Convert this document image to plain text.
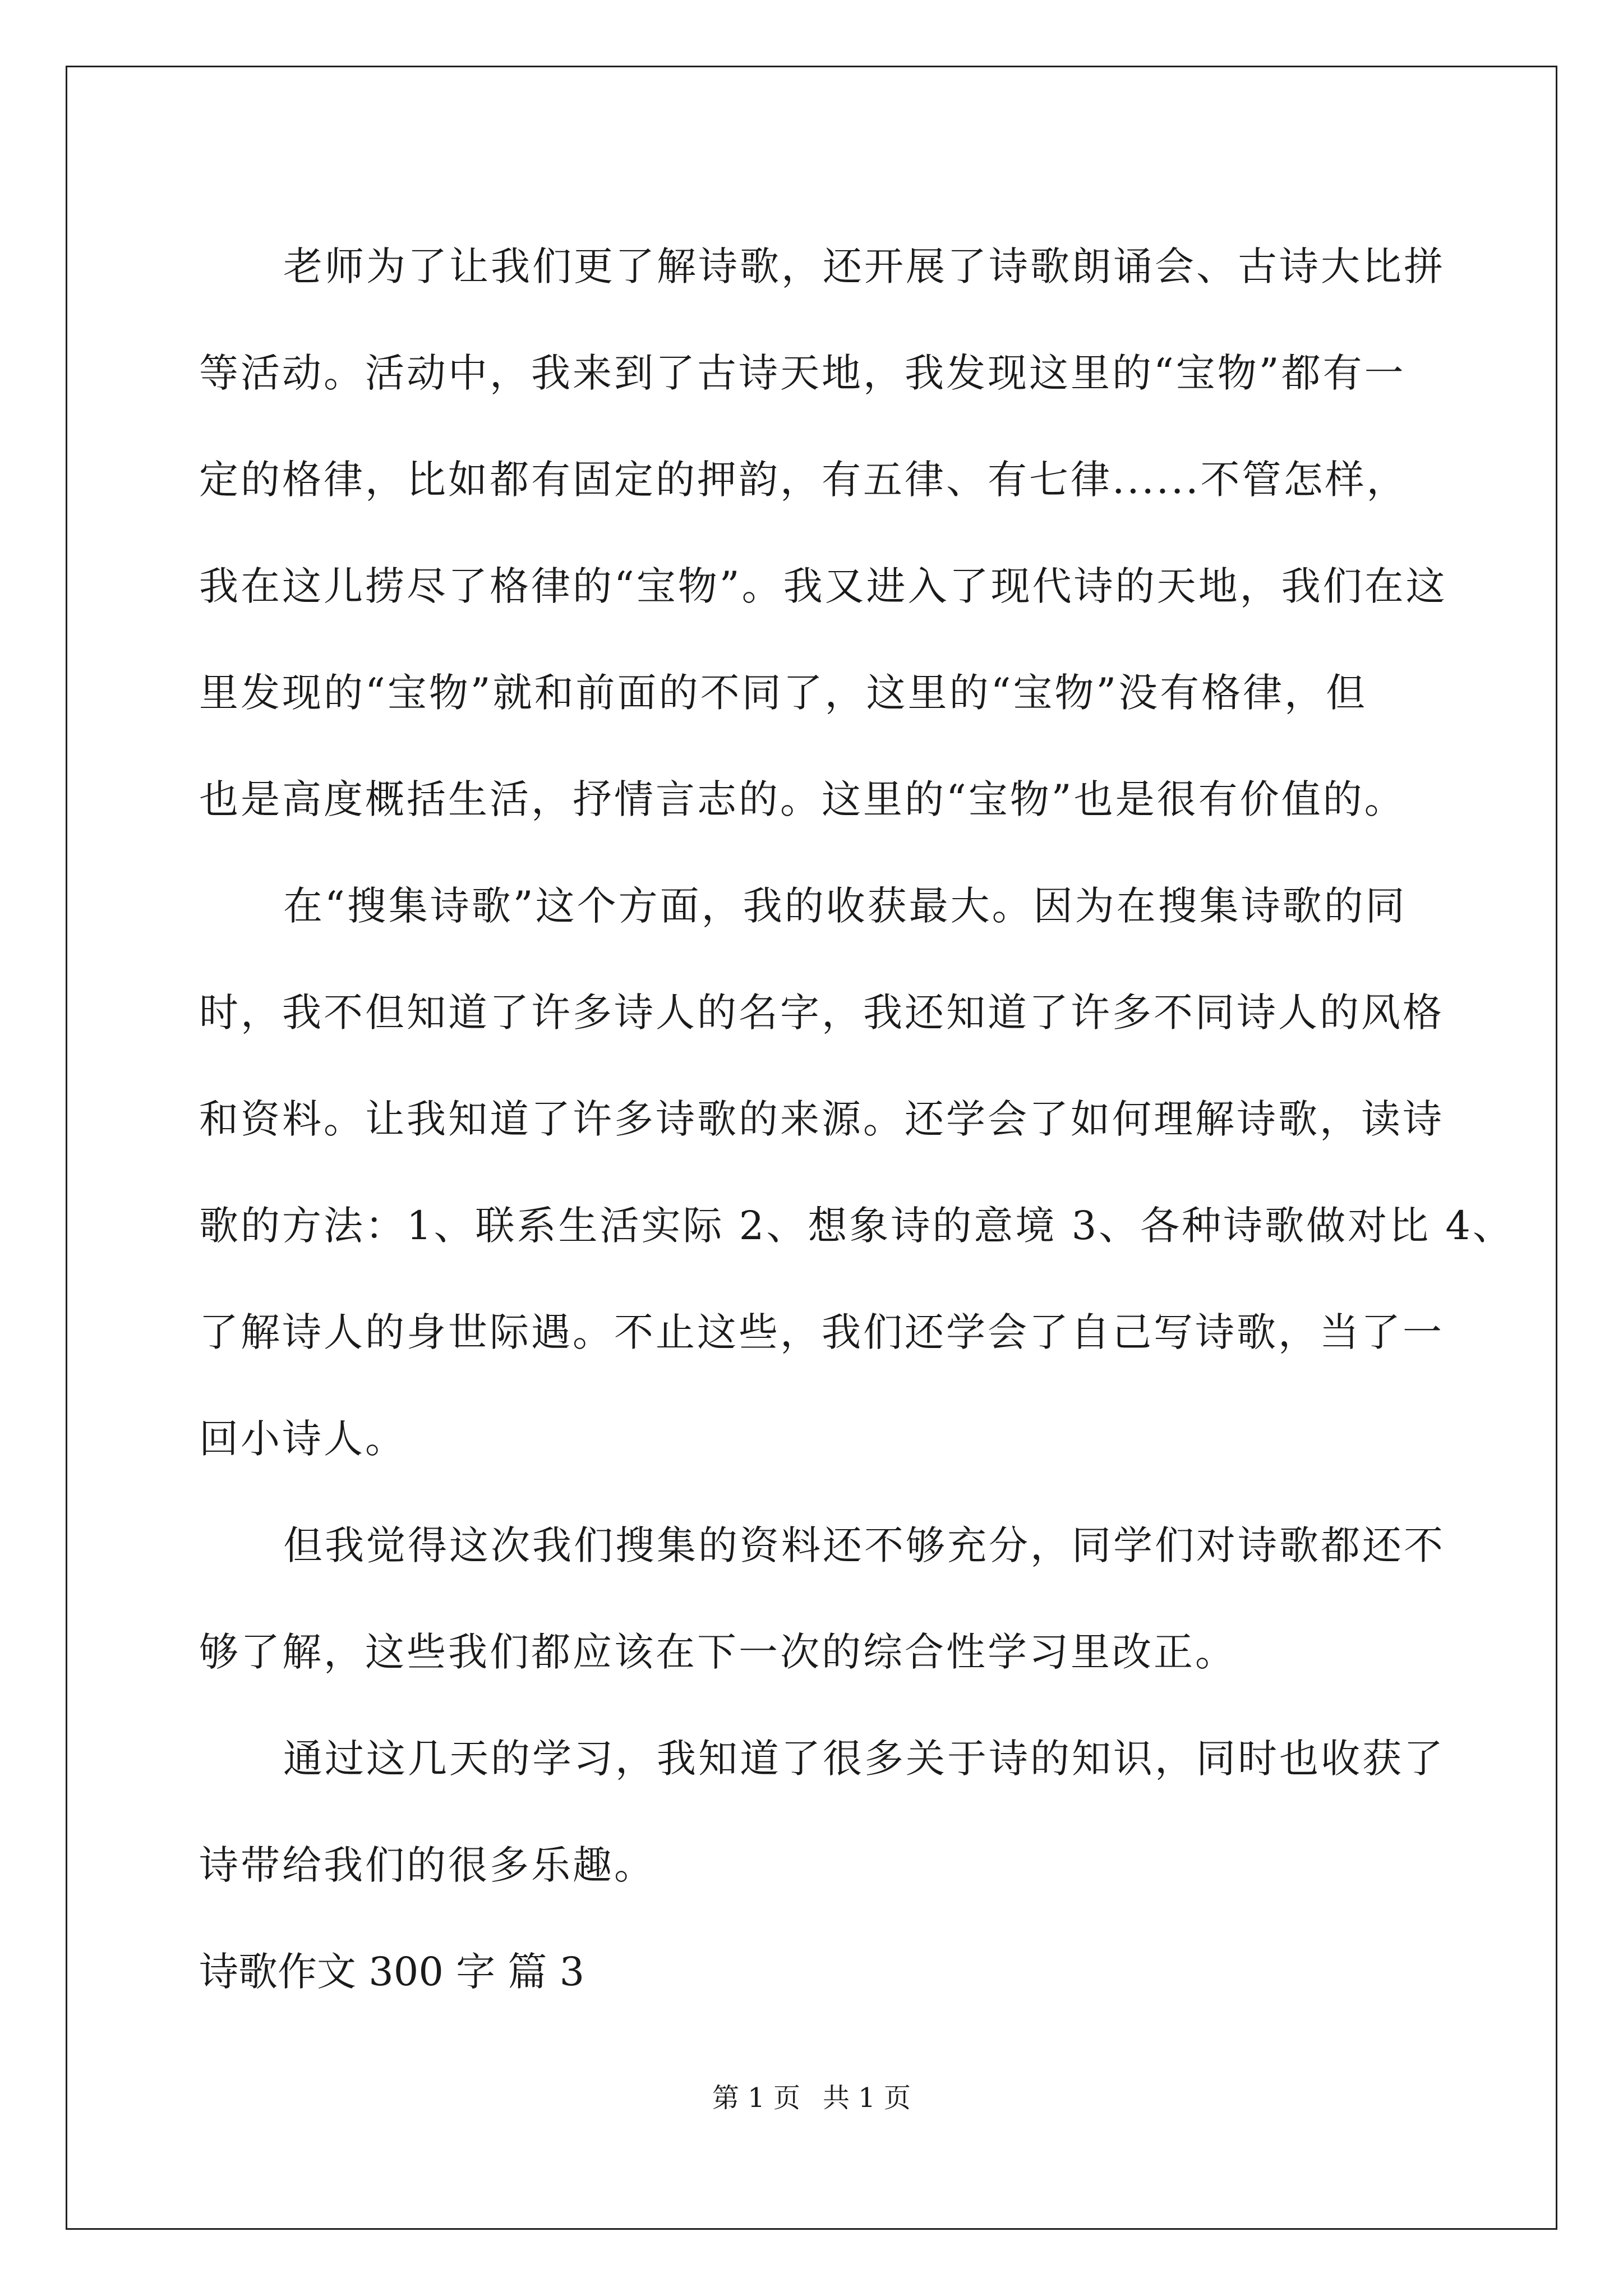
老师为了让我们更了解诗歌，还开展了诗歌朗诵会、古诗大比拼
等活动。活动中，我来到了古诗天地，我发现这里的“宝物”都有一
定的格律，比如都有固定的押韵，有五律、有七律......不管怎样，
我在这儿捞尽了格律的“宝物”。我又进入了现代诗的天地，我们在这
里发现的“宝物”就和前面的不同了，这里的“宝物”没有格律，但
也是高度概括生活，抒情言志的。这里的“宝物”也是很有价值的。
在“搜集诗歌”这个方面，我的收获最大。因为在搜集诗歌的同
时，我不但知道了许多诗人的名字，我还知道了许多不同诗人的风格
和资料。让我知道了许多诗歌的来源。还学会了如何理解诗歌，读诗
歌的方法：1、联系生活实际 2、想象诗的意境 3、各种诗歌做对比 4、
了解诗人的身世际遇。不止这些，我们还学会了自己写诗歌，当了一
回小诗人。
但我觉得这次我们搜集的资料还不够充分，同学们对诗歌都还不
够了解，这些我们都应该在下一次的综合性学习里改正。
通过这几天的学习，我知道了很多关于诗的知识，同时也收获了
诗带给我们的很多乐趣。
诗歌作文 300 字 篇 3
第 1 页 共 1 页
